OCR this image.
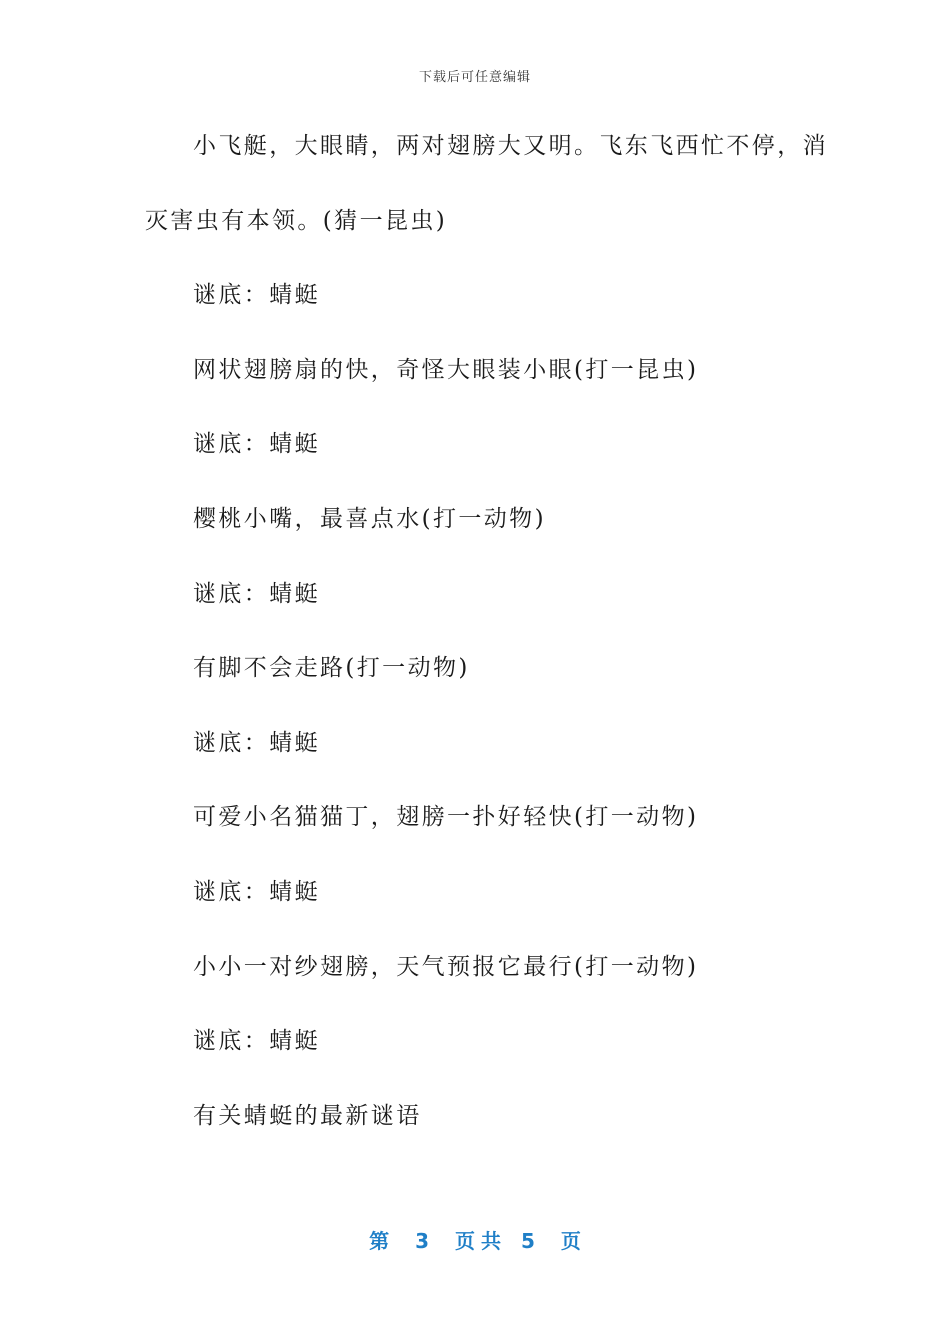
下载后可任意编辑
小飞艇，大眼睛，两对翅膀大又明。飞东飞西忙不停，消
灭害虫有本领。(猜一昆虫)
谜底：蜻蜓
网状翅膀扇的快，奇怪大眼装小眼(打一昆虫)
谜底：蜻蜓
樱桃小嘴，最喜点水(打一动物)
谜底：蜻蜓
有脚不会走路(打一动物)
谜底：蜻蜓
可爱小名猫猫丁，翅膀一扑好轻快(打一动物)
谜底：蜻蜓
小小一对纱翅膀，天气预报它最行(打一动物)
谜底：蜻蜓
有关蜻蜓的最新谜语
第 3 页 共 5 页
